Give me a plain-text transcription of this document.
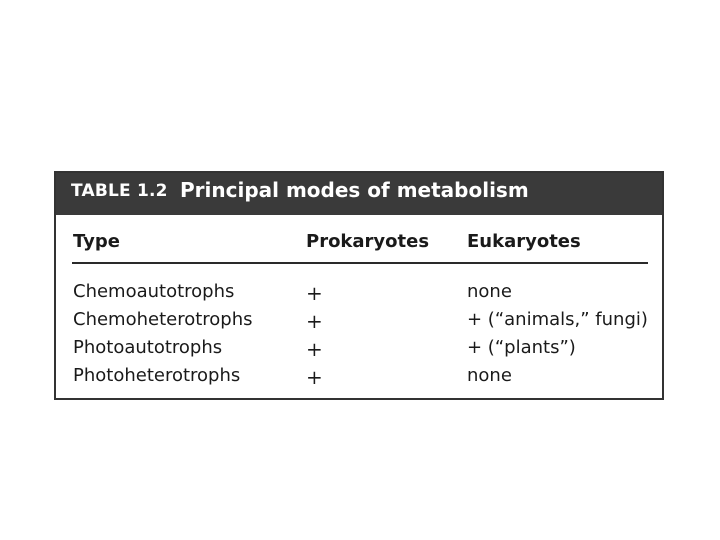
TABLE 1.2 Principal modes of metabolism
Type	Prokaryotes Eukaryotes
Chemoautotrophs	+	none
Chemoheterotrophs	+	+ (“animals,” fungi)
Photoautotrophs	+	+ (“plants”)
Photoheterotrophs	+	none
